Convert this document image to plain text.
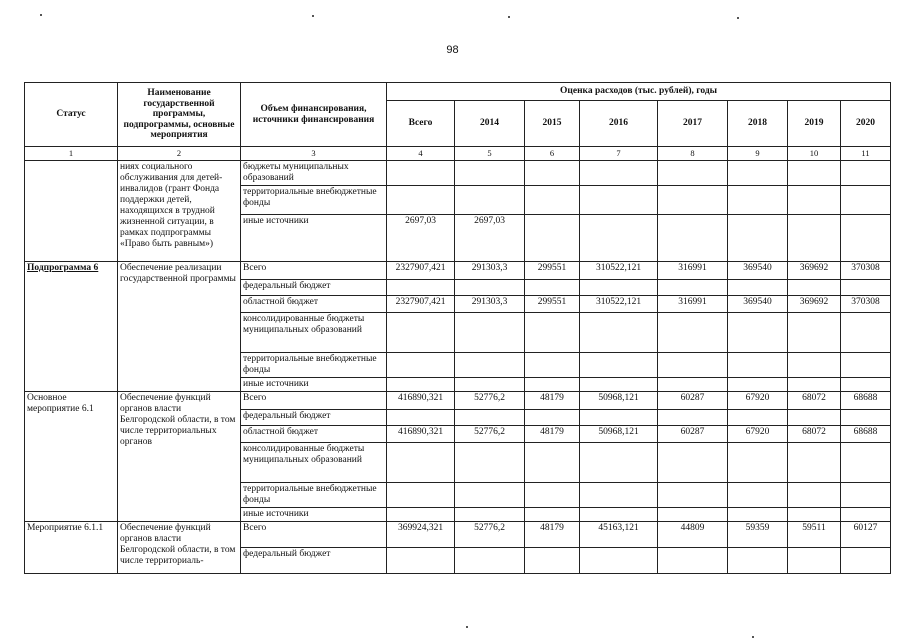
98
Статус	Наименование государственной программы, подпрограммы, основные мероприятия	Объем финансирования, источники финансирования	Оценка расходов (тыс. рублей), годы							
			Всего	2014	2015	2016	2017	2018	2019	2020
1	2	3	4	5	6	7	8	9	10	11
	ниях социального обслуживания для детей-инвалидов (грант Фонда поддержки детей, находящихся в трудной жизненной ситуации, в рамках подпрограммы «Право быть равным»)	бюджеты муниципальных образований								
		территориальные внебюджетные фонды								
		иные источники	2697,03	2697,03						
Подпрограмма 6	Обеспечение реализации государственной программы	Всего	2327907,421	291303,3	299551	310522,121	316991	369540	369692	370308
		федеральный бюджет								
		областной бюджет	2327907,421	291303,3	299551	310522,121	316991	369540	369692	370308
		консолидированные бюджеты муниципальных образований								
		территориальные внебюджетные фонды								
		иные источники								
Основное мероприятие 6.1	Обеспечение функций органов власти Белгородской области, в том числе территориальных органов	Всего	416890,321	52776,2	48179	50968,121	60287	67920	68072	68688
		федеральный бюджет								
		областной бюджет	416890,321	52776,2	48179	50968,121	60287	67920	68072	68688
		консолидированные бюджеты муниципальных образований								
		территориальные внебюджетные фонды								
		иные источники								
Мероприятие 6.1.1	Обеспечение функций органов власти Белгородской области, в том числе территориаль-	Всего	369924,321	52776,2	48179	45163,121	44809	59359	59511	60127
		федеральный бюджет								
